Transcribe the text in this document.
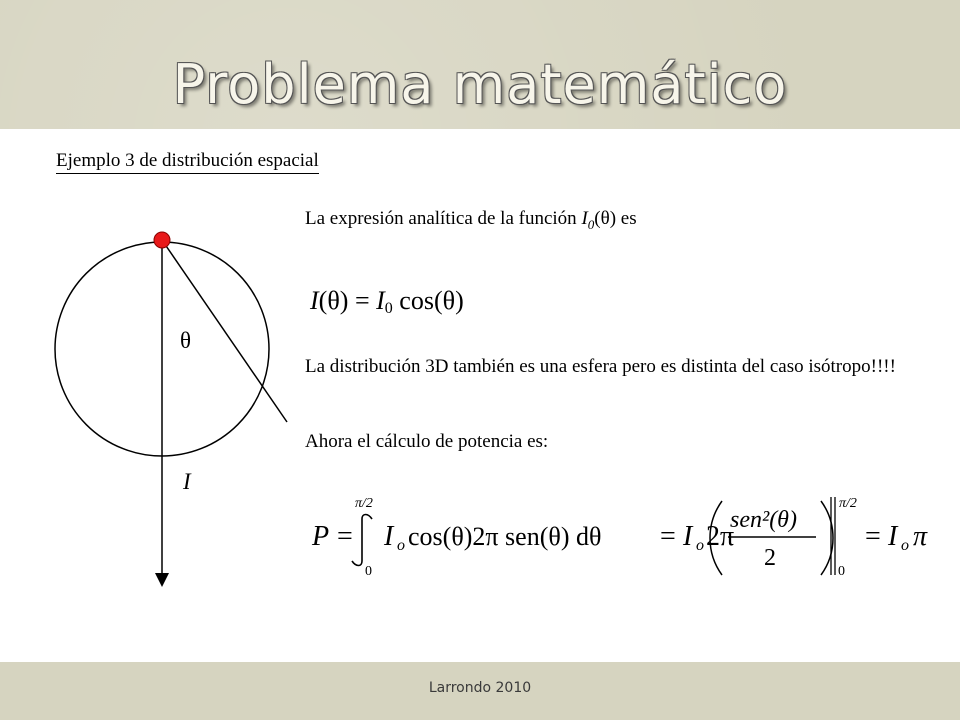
Problema matemático
Ejemplo 3 de distribución espacial
θ
I
La expresión analítica de la función $I_0(\theta)$ es
$I(\theta) = I_0$ cos(θ)
La distribución 3D también es una esfera pero es distinta del caso isótropo!!!!
Ahora el cálculo de potencia es:
P =
π/2
0
I o cos(θ)2π sen(θ) dθ = I o 2π
sen²(θ)
2
π/2
0
= I o π
Larrondo 2010
